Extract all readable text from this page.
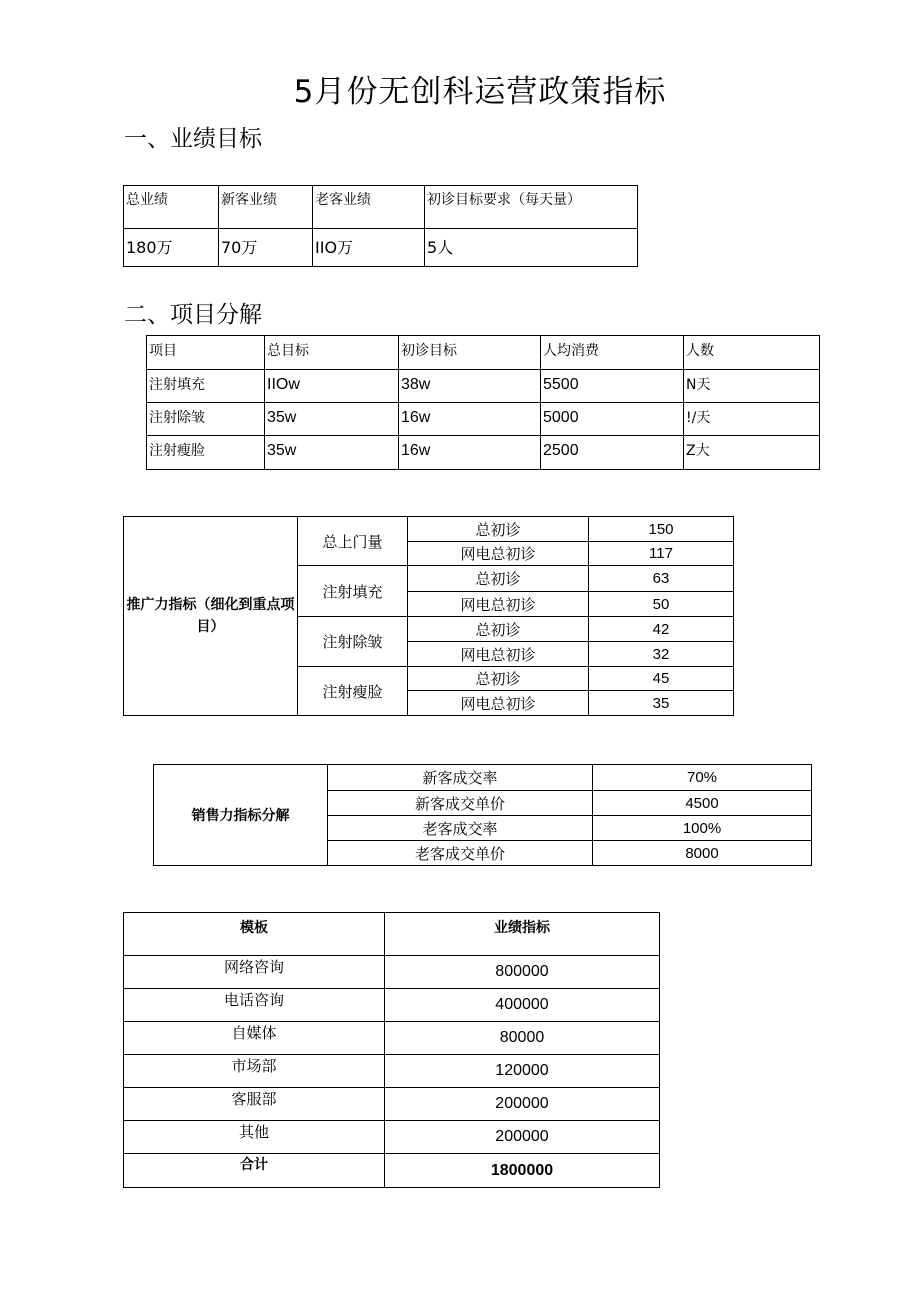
5月份无创科运营政策指标
一、业绩目标
总业绩	新客业绩	老客业绩	初诊目标要求（每天量）
180万	70万	IIO万	5人
二、项目分解
项目	总目标	初诊目标	人均消费	人数
注射填充	IIOw	38w	5500	N天
注射除皱	35w	16w	5000	!/天
注射瘦脸	35w	16w	2500	Z大
推广力指标（细化到重点项目）	总上门量	总初诊	150
		网电总初诊	117
	注射填充	总初诊	63
		网电总初诊	50
	注射除皱	总初诊	42
		网电总初诊	32
	注射瘦脸	总初诊	45
		网电总初诊	35
销售力指标分解	新客成交率	70%
	新客成交单价	4500
	老客成交率	100%
	老客成交单价	8000
模板	业绩指标
网络咨询	800000
电话咨询	400000
自媒体	80000
市场部	120000
客服部	200000
其他	200000
合计	1800000
